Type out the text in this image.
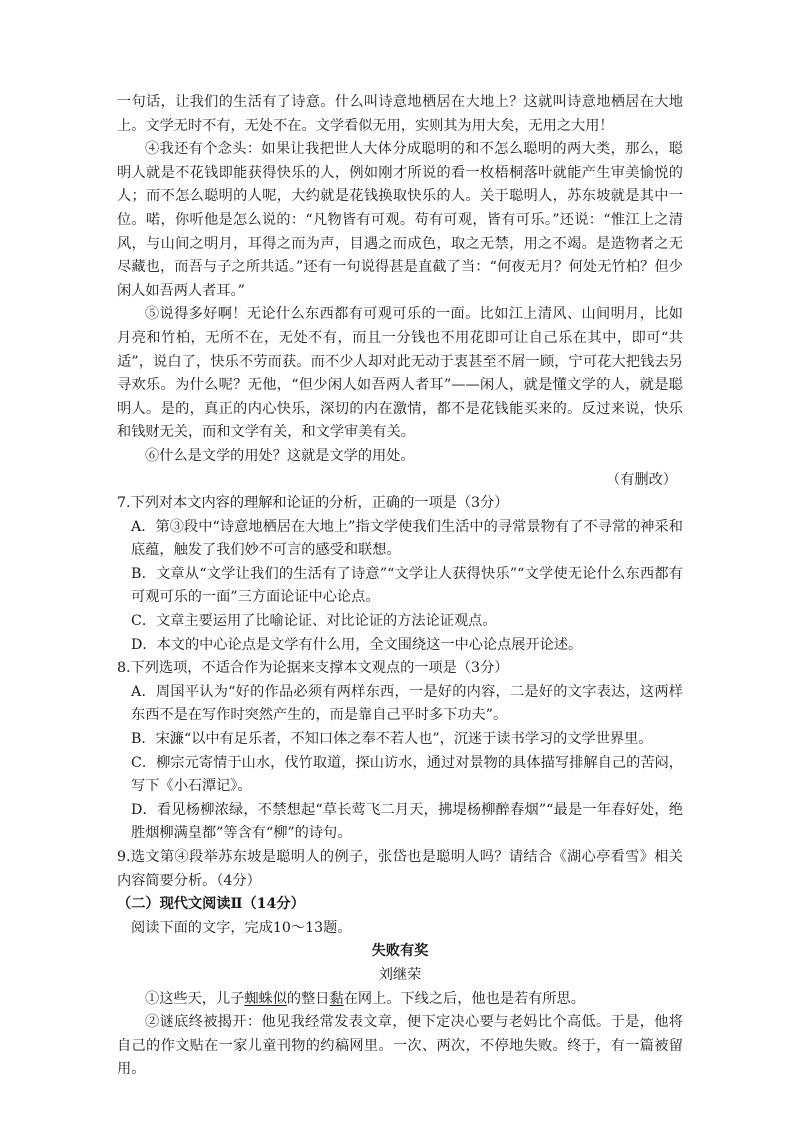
一句话，让我们的生活有了诗意。什么叫诗意地栖居在大地上？这就叫诗意地栖居在大地上。文学无时不有，无处不在。文学看似无用，实则其为用大矣，无用之大用！

④我还有个念头：如果让我把世人大体分成聪明的和不怎么聪明的两大类，那么，聪明人就是不花钱即能获得快乐的人，例如刚才所说的看一枚梧桐落叶就能产生审美愉悦的人；而不怎么聪明的人呢，大约就是花钱换取快乐的人。关于聪明人，苏东坡就是其中一位。喏，你听他是怎么说的：“凡物皆有可观。苟有可观，皆有可乐。”还说：“惟江上之清风，与山间之明月，耳得之而为声，目遇之而成色，取之无禁，用之不竭。是造物者之无尽藏也，而吾与子之所共适。”还有一句说得甚是直截了当：“何夜无月？何处无竹柏？但少闲人如吾两人者耳。”

⑤说得多好啊！无论什么东西都有可观可乐的一面。比如江上清风、山间明月，比如月亮和竹柏，无所不在，无处不有，而且一分钱也不用花即可让自己乐在其中，即可“共适”，说白了，快乐不劳而获。而不少人却对此无动于衷甚至不屑一顾，宁可花大把钱去另寻欢乐。为什么呢？无他，“但少闲人如吾两人者耳”——闲人，就是懂文学的人，就是聪明人。是的，真正的内心快乐，深切的内在激情，都不是花钱能买来的。反过来说，快乐和钱财无关，而和文学有关，和文学审美有关。

⑥什么是文学的用处？这就是文学的用处。

（有删改）

7.下列对本文内容的理解和论证的分析，正确的一项是（3分）

A．第③段中“诗意地栖居在大地上”指文学使我们生活中的寻常景物有了不寻常的神采和底蕴，触发了我们妙不可言的感受和联想。

B．文章从“文学让我们的生活有了诗意”“文学让人获得快乐”“文学使无论什么东西都有可观可乐的一面”三方面论证中心论点。

C．文章主要运用了比喻论证、对比论证的方法论证观点。

D．本文的中心论点是文学有什么用，全文围绕这一中心论点展开论述。

8.下列选项，不适合作为论据来支撑本文观点的一项是（3分）

A．周国平认为“好的作品必须有两样东西，一是好的内容，二是好的文字表达，这两样东西不是在写作时突然产生的，而是靠自己平时多下功夫”。

B．宋濂“以中有足乐者，不知口体之奉不若人也”，沉迷于读书学习的文学世界里。

C．柳宗元寄情于山水，伐竹取道，探山访水，通过对景物的具体描写排解自己的苦闷，写下《小石潭记》。

D．看见杨柳浓绿，不禁想起“草长莺飞二月天，拂堤杨柳醉春烟”“最是一年春好处，绝胜烟柳满皇都”等含有“柳”的诗句。

9.选文第④段举苏东坡是聪明人的例子，张岱也是聪明人吗？请结合《湖心亭看雪》相关内容简要分析。（4分）

（二）现代文阅读Ⅱ（14分）

阅读下面的文字，完成10～13题。

失败有奖

刘继荣

①这些天，儿子蜘蛛似的整日黏在网上。下线之后，他也是若有所思。

②谜底终被揭开：他见我经常发表文章，便下定决心要与老妈比个高低。于是，他将自己的作文贴在一家儿童刊物的约稿网里。一次、两次，不停地失败。终于，有一篇被留用。
